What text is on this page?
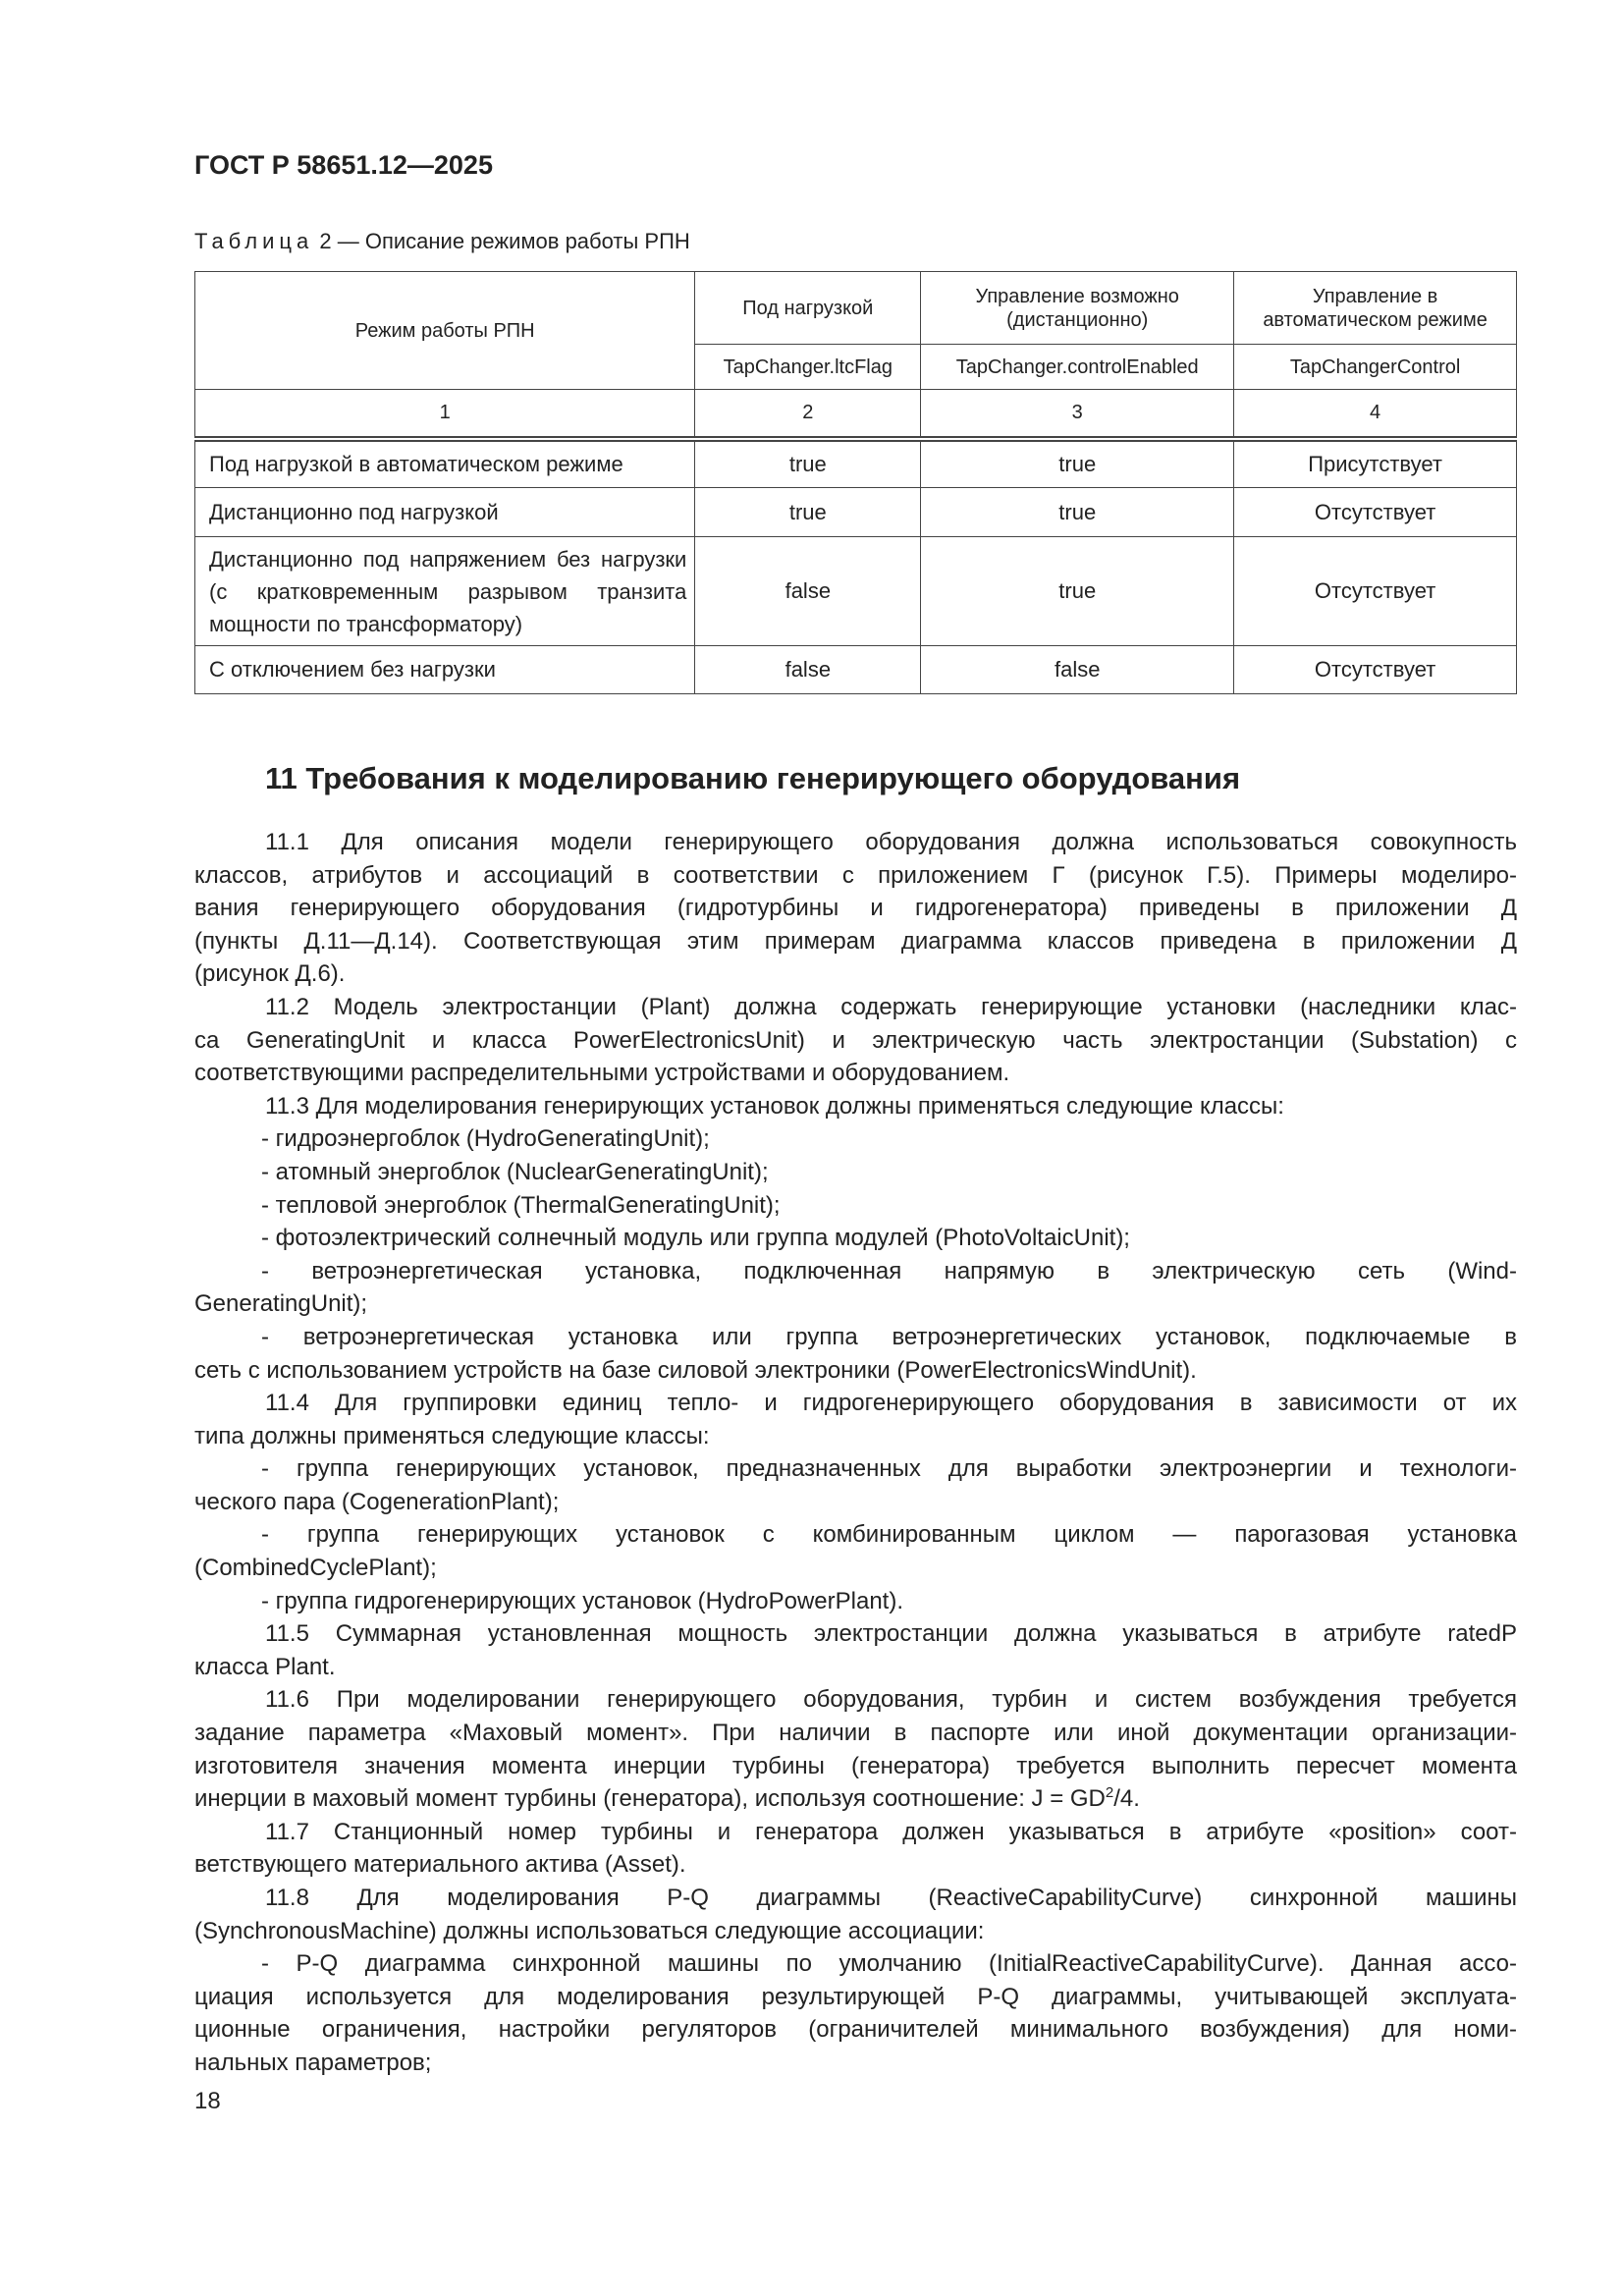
ГОСТ Р 58651.12—2025
Таблица 2 — Описание режимов работы РПН
Режим работы РПН	Под нагрузкой	Управление возможно (дистанционно)	Управление в автоматическом режиме
	TapChanger.ltcFlag	TapChanger.controlEnabled	TapChangerControl
1	2	3	4
Под нагрузкой в автоматическом режиме	true	true	Присутствует
Дистанционно под нагрузкой	true	true	Отсутствует
Дистанционно под напряжением без нагрузки (с кратковременным разрывом транзита мощности по трансформатору)	false	true	Отсутствует
С отключением без нагрузки	false	false	Отсутствует
11 Требования к моделированию генерирующего оборудования
11.1 Для описания модели генерирующего оборудования должна использоваться совокупность
классов, атрибутов и ассоциаций в соответствии с приложением Г (рисунок Г.5). Примеры моделиро-
вания генерирующего оборудования (гидротурбины и гидрогенератора) приведены в приложении Д
(пункты Д.11—Д.14). Соответствующая этим примерам диаграмма классов приведена в приложении Д
(рисунок Д.6).
11.2 Модель электростанции (Plant) должна содержать генерирующие установки (наследники клас-
са GeneratingUnit и класса PowerElectronicsUnit) и электрическую часть электростанции (Substation) с
соответствующими распределительными устройствами и оборудованием.
11.3 Для моделирования генерирующих установок должны применяться следующие классы:
- гидроэнергоблок (HydroGeneratingUnit);
- атомный энергоблок (NuclearGeneratingUnit);
- тепловой энергоблок (ThermalGeneratingUnit);
- фотоэлектрический солнечный модуль или группа модулей (PhotoVoltaicUnit);
- ветроэнергетическая установка, подключенная напрямую в электрическую сеть (Wind-
GeneratingUnit);
- ветроэнергетическая установка или группа ветроэнергетических установок, подключаемые в
сеть с использованием устройств на базе силовой электроники (PowerElectronicsWindUnit).
11.4 Для группировки единиц тепло- и гидрогенерирующего оборудования в зависимости от их
типа должны применяться следующие классы:
- группа генерирующих установок, предназначенных для выработки электроэнергии и технологи-
ческого пара (CogenerationPlant);
- группа генерирующих установок с комбинированным циклом — парогазовая установка
(CombinedCyclePlant);
- группа гидрогенерирующих установок (HydroPowerPlant).
11.5 Суммарная установленная мощность электростанции должна указываться в атрибуте ratedP
класса Plant.
11.6 При моделировании генерирующего оборудования, турбин и систем возбуждения требуется
задание параметра «Маховый момент». При наличии в паспорте или иной документации организации-
изготовителя значения момента инерции турбины (генератора) требуется выполнить пересчет момента
инерции в маховый момент турбины (генератора), используя соотношение: $J = GD^2/4$.
11.7 Станционный номер турбины и генератора должен указываться в атрибуте «position» соот-
ветствующего материального актива (Asset).
11.8 Для моделирования P-Q диаграммы (ReactiveCapabilityCurve) синхронной машины
(SynchronousMachine) должны использоваться следующие ассоциации:
- P-Q диаграмма синхронной машины по умолчанию (InitialReactiveCapabilityCurve). Данная ассо-
циация используется для моделирования результирующей P-Q диаграммы, учитывающей эксплуата-
ционные ограничения, настройки регуляторов (ограничителей минимального возбуждения) для номи-
нальных параметров;
18
